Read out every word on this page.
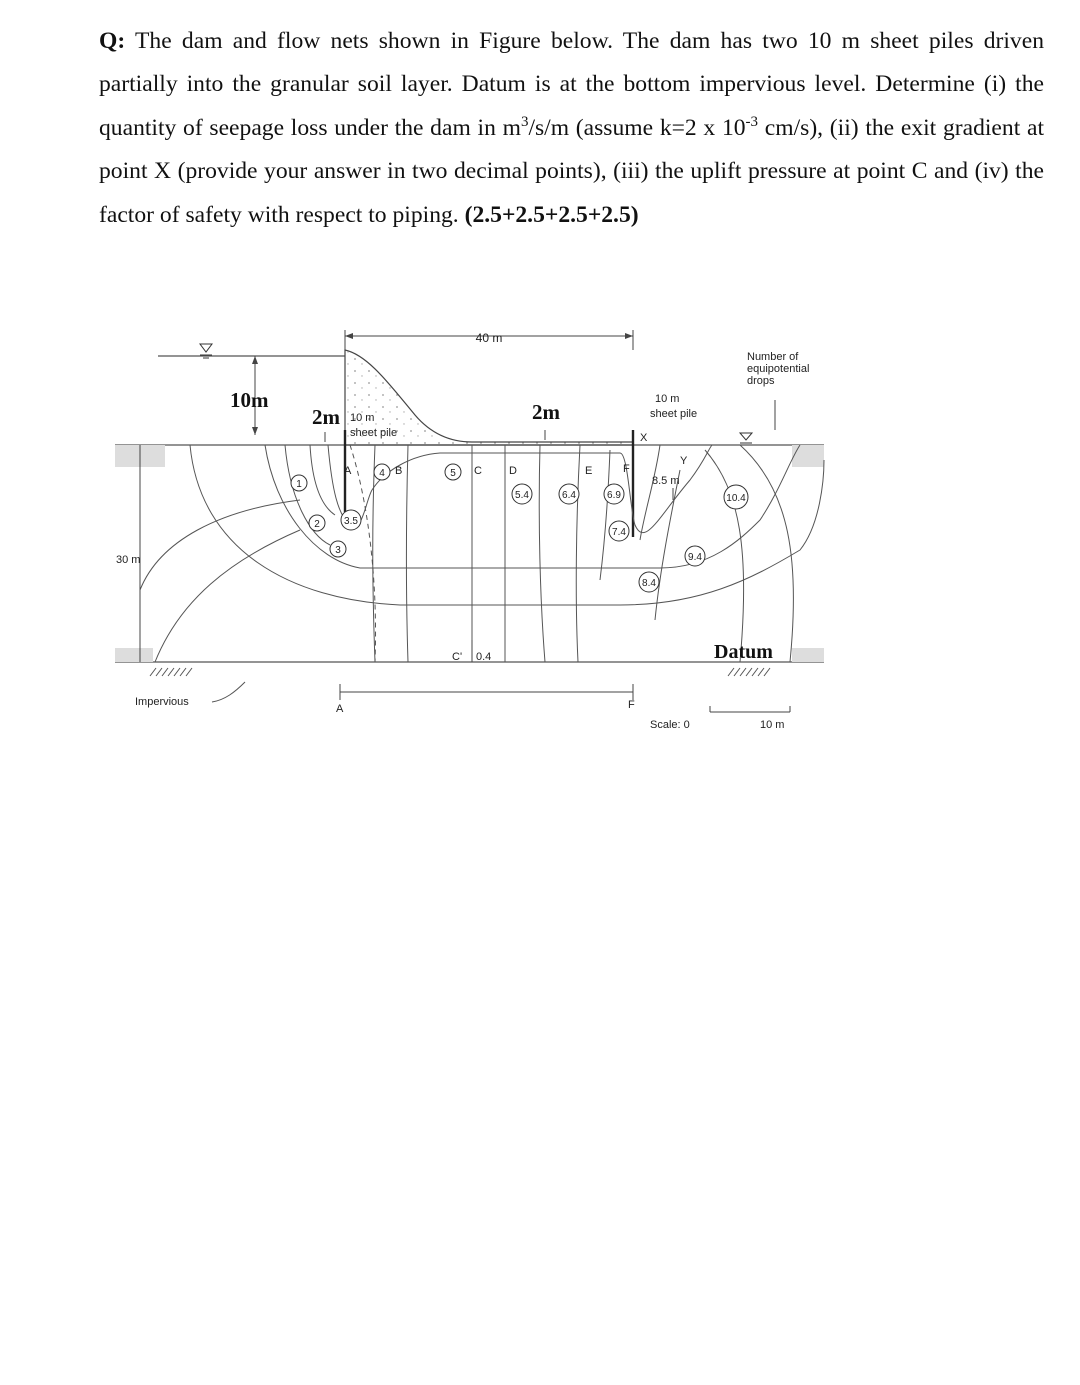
Q: The dam and flow nets shown in Figure below. The dam has two 10 m sheet piles driven partially into the granular soil layer. Datum is at the bottom impervious level. Determine (i) the quantity of seepage loss under the dam in $m^3/s/m$ (assume k=2 x $10^{-3}$ cm/s), (ii) the exit gradient at point X (provide your answer in two decimal points), (iii) the uplift pressure at point C and (iv) the factor of safety with respect to piping. (2.5+2.5+2.5+2.5)
40 m
10m
2m 10 m
sheet pile
2m
10 m
sheet pile
Number of
equipotential
drops
30 m
A	B	C D	E	F
X
Y
8.5 m
C' 0.4
A	F
1
2
3
3.5
4	5
5.4	6.4	6.9
7.4
8.4
9.4
10.4
Datum
Impervious
Scale: 0	10 m
